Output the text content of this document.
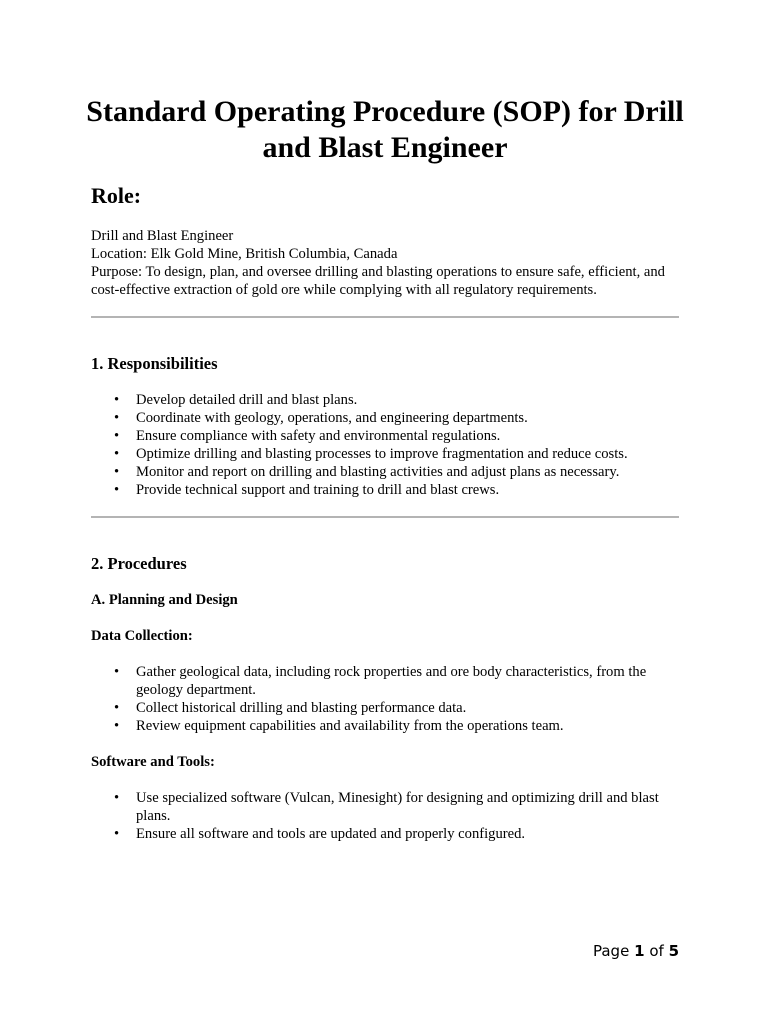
Standard Operating Procedure (SOP) for Drill and Blast Engineer
Role:

Drill and Blast Engineer

Location: Elk Gold Mine, British Columbia, Canada

Purpose: To design, plan, and oversee drilling and blasting operations to ensure safe, efficient, and cost-effective extraction of gold ore while complying with all regulatory requirements.

1. Responsibilities
• Develop detailed drill and blast plans.
• Coordinate with geology, operations, and engineering departments.
• Ensure compliance with safety and environmental regulations.
• Optimize drilling and blasting processes to improve fragmentation and reduce costs.
• Monitor and report on drilling and blasting activities and adjust plans as necessary.
• Provide technical support and training to drill and blast crews.
2. Procedures
A. Planning and Design
Data Collection:
• Gather geological data, including rock properties and ore body characteristics, from the geology department.
• Collect historical drilling and blasting performance data.
• Review equipment capabilities and availability from the operations team.
Software and Tools:
• Use specialized software (Vulcan, Minesight) for designing and optimizing drill and blast plans.
• Ensure all software and tools are updated and properly configured.
Page 1 of 5
